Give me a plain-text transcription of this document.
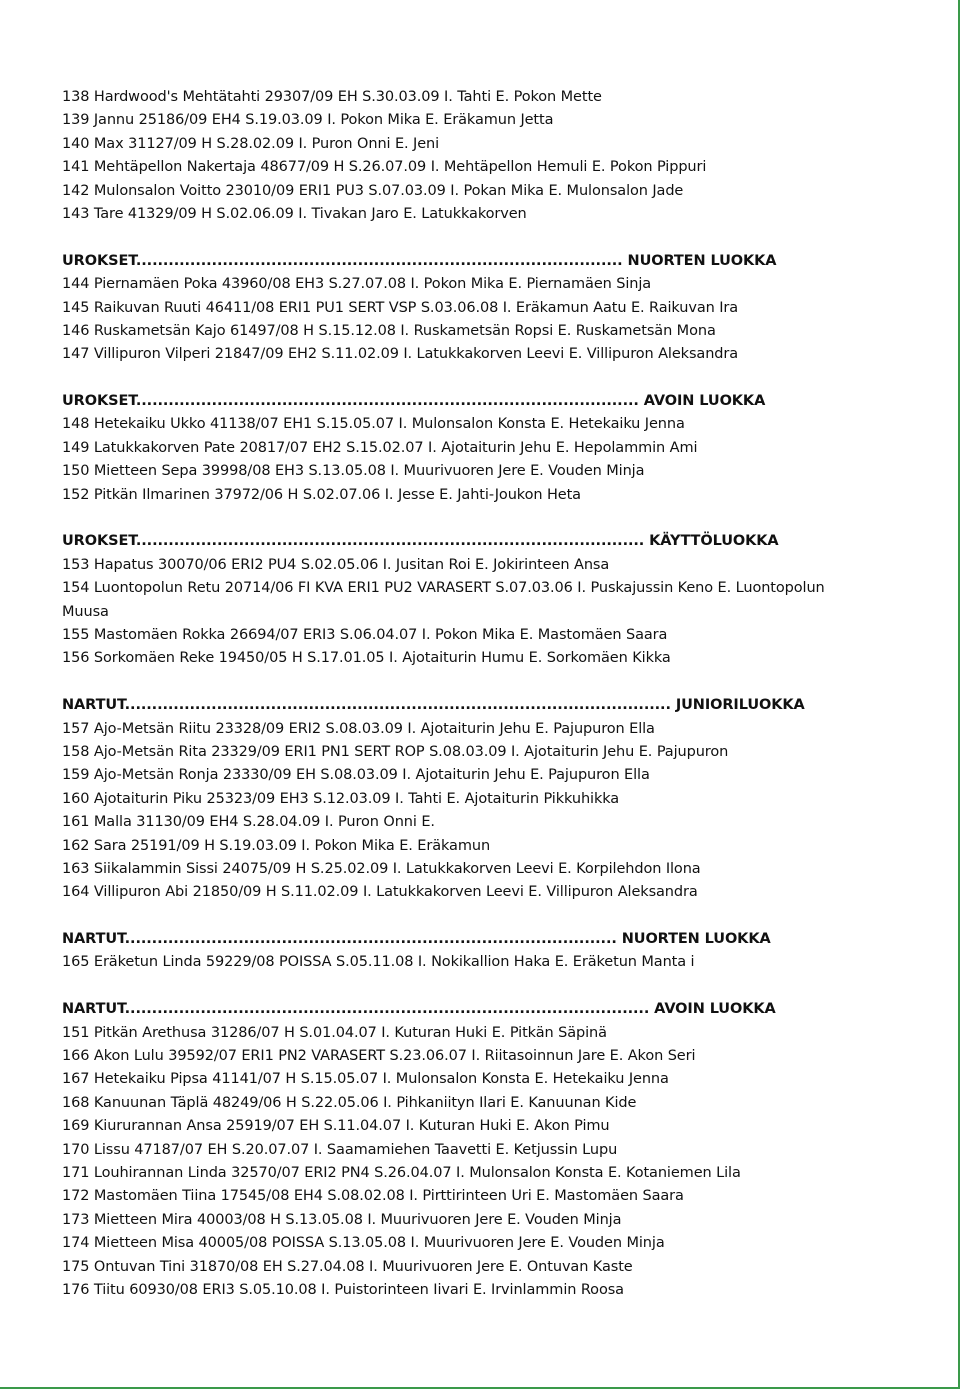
138 Hardwood's Mehtätahti 29307/09 EH S.30.03.09 I. Tahti E. Pokon Mette
139 Jannu 25186/09 EH4 S.19.03.09 I. Pokon Mika E. Eräkamun Jetta
140 Max 31127/09 H S.28.02.09 I. Puron Onni E. Jeni
141 Mehtäpellon Nakertaja 48677/09 H S.26.07.09 I. Mehtäpellon Hemuli E. Pokon Pippuri
142 Mulonsalon Voitto 23010/09 ERI1 PU3 S.07.03.09 I. Pokan Mika E. Mulonsalon Jade
143 Tare 41329/09 H S.02.06.09 I. Tivakan Jaro E. Latukkakorven
UROKSET.......................................................................................... NUORTEN LUOKKA
144 Piernamäen Poka 43960/08 EH3 S.27.07.08 I. Pokon Mika E. Piernamäen Sinja
145 Raikuvan Ruuti 46411/08 ERI1 PU1 SERT VSP S.03.06.08 I. Eräkamun Aatu E. Raikuvan Ira
146 Ruskametsän Kajo 61497/08 H S.15.12.08 I. Ruskametsän Ropsi E. Ruskametsän Mona
147 Villipuron Vilperi 21847/09 EH2 S.11.02.09 I. Latukkakorven Leevi E. Villipuron Aleksandra
UROKSET............................................................................................. AVOIN LUOKKA
148 Hetekaiku Ukko 41138/07 EH1 S.15.05.07 I. Mulonsalon Konsta E. Hetekaiku Jenna
149 Latukkakorven Pate 20817/07 EH2 S.15.02.07 I. Ajotaiturin Jehu E. Hepolammin Ami
150 Mietteen Sepa 39998/08 EH3 S.13.05.08 I. Muurivuoren Jere E. Vouden Minja
152 Pitkän Ilmarinen 37972/06 H S.02.07.06 I. Jesse E. Jahti-Joukon Heta
UROKSET.............................................................................................. KÄYTTÖLUOKKA
153 Hapatus 30070/06 ERI2 PU4 S.02.05.06 I. Jusitan Roi E. Jokirinteen Ansa
154 Luontopolun Retu 20714/06 FI KVA ERI1 PU2 VARASERT S.07.03.06 I. Puskajussin Keno E. Luontopolun
Muusa
155 Mastomäen Rokka 26694/07 ERI3 S.06.04.07 I. Pokon Mika E. Mastomäen Saara
156 Sorkomäen Reke 19450/05 H S.17.01.05 I. Ajotaiturin Humu E. Sorkomäen Kikka
NARTUT..................................................................................................... JUNIORILUOKKA
157 Ajo-Metsän Riitu 23328/09 ERI2 S.08.03.09 I. Ajotaiturin Jehu E. Pajupuron Ella
158 Ajo-Metsän Rita 23329/09 ERI1 PN1 SERT ROP S.08.03.09 I. Ajotaiturin Jehu E. Pajupuron
159 Ajo-Metsän Ronja 23330/09 EH S.08.03.09 I. Ajotaiturin Jehu E. Pajupuron Ella
160 Ajotaiturin Piku 25323/09 EH3 S.12.03.09 I. Tahti E. Ajotaiturin Pikkuhikka
161 Malla 31130/09 EH4 S.28.04.09 I. Puron Onni E.
162 Sara 25191/09 H S.19.03.09 I. Pokon Mika E. Eräkamun
163 Siikalammin Sissi 24075/09 H S.25.02.09 I. Latukkakorven Leevi E. Korpilehdon Ilona
164 Villipuron Abi 21850/09 H S.11.02.09 I. Latukkakorven Leevi E. Villipuron Aleksandra
NARTUT........................................................................................... NUORTEN LUOKKA
165 Eräketun Linda 59229/08 POISSA S.05.11.08 I. Nokikallion Haka E. Eräketun Manta i
NARTUT................................................................................................. AVOIN LUOKKA
151 Pitkän Arethusa 31286/07 H S.01.04.07 I. Kuturan Huki E. Pitkän Säpinä
166 Akon Lulu 39592/07 ERI1 PN2 VARASERT S.23.06.07 I. Riitasoinnun Jare E. Akon Seri
167 Hetekaiku Pipsa 41141/07 H S.15.05.07 I. Mulonsalon Konsta E. Hetekaiku Jenna
168 Kanuunan Täplä 48249/06 H S.22.05.06 I. Pihkaniityn Ilari E. Kanuunan Kide
169 Kiururannan Ansa 25919/07 EH S.11.04.07 I. Kuturan Huki E. Akon Pimu
170 Lissu 47187/07 EH S.20.07.07 I. Saamamiehen Taavetti E. Ketjussin Lupu
171 Louhirannan Linda 32570/07 ERI2 PN4 S.26.04.07 I. Mulonsalon Konsta E. Kotaniemen Lila
172 Mastomäen Tiina 17545/08 EH4 S.08.02.08 I. Pirttirinteen Uri E. Mastomäen Saara
173 Mietteen Mira 40003/08 H S.13.05.08 I. Muurivuoren Jere E. Vouden Minja
174 Mietteen Misa 40005/08 POISSA S.13.05.08 I. Muurivuoren Jere E. Vouden Minja
175 Ontuvan Tini 31870/08 EH S.27.04.08 I. Muurivuoren Jere E. Ontuvan Kaste
176 Tiitu 60930/08 ERI3 S.05.10.08 I. Puistorinteen Iivari E. Irvinlammin Roosa
